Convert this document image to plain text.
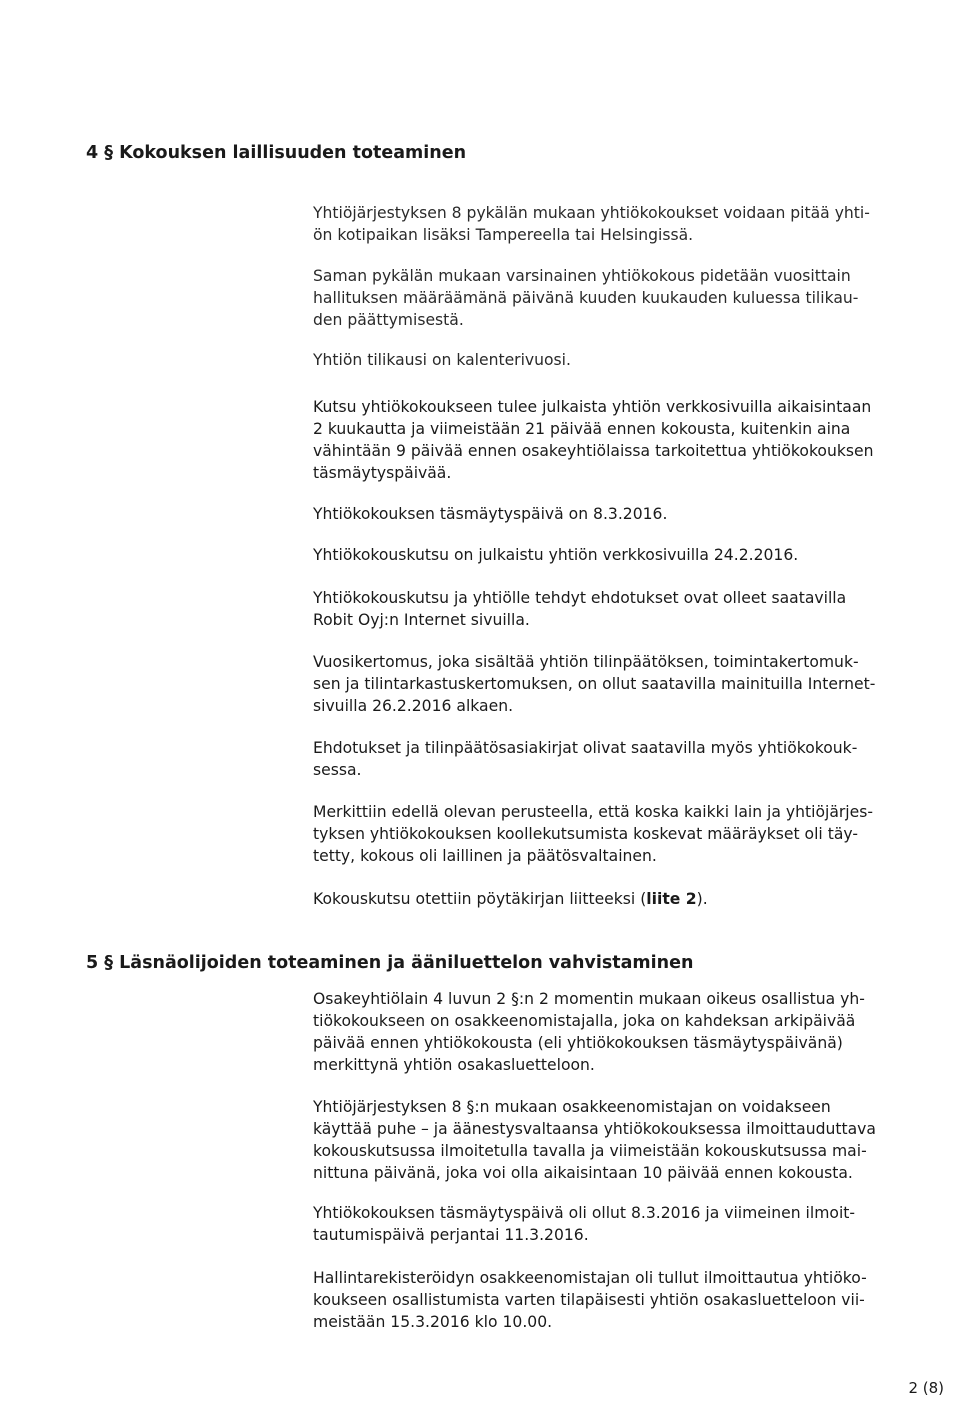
4 § Kokouksen laillisuuden toteaminen

Yhtiöjärjestyksen 8 pykälän mukaan yhtiökokoukset voidaan pitää yhti-
ön kotipaikan lisäksi Tampereella tai Helsingissä.

Saman pykälän mukaan varsinainen yhtiökokous pidetään vuosittain
hallituksen määräämänä päivänä kuuden kuukauden kuluessa tilikau-
den päättymisestä.

Yhtiön tilikausi on kalenterivuosi.

Kutsu yhtiökokoukseen tulee julkaista yhtiön verkkosivuilla aikaisintaan
2 kuukautta ja viimeistään 21 päivää ennen kokousta, kuitenkin aina
vähintään 9 päivää ennen osakeyhtiölaissa tarkoitettua yhtiökokouksen
täsmäytyspäivää.

Yhtiökokouksen täsmäytyspäivä on 8.3.2016.

Yhtiökokouskutsu on julkaistu yhtiön verkkosivuilla 24.2.2016.

Yhtiökokouskutsu ja yhtiölle tehdyt ehdotukset ovat olleet saatavilla
Robit Oyj:n Internet sivuilla.

Vuosikertomus, joka sisältää yhtiön tilinpäätöksen, toimintakertomuk-
sen ja tilintarkastuskertomuksen, on ollut saatavilla mainituilla Internet-
sivuilla 26.2.2016 alkaen.

Ehdotukset ja tilinpäätösasiakirjat olivat saatavilla myös yhtiökokouk-
sessa.

Merkittiin edellä olevan perusteella, että koska kaikki lain ja yhtiöjärjes-
tyksen yhtiökokouksen koollekutsumista koskevat määräykset oli täy-
tetty, kokous oli laillinen ja päätösvaltainen.

Kokouskutsu otettiin pöytäkirjan liitteeksi (liite 2).

5 § Läsnäolijoiden toteaminen ja ääniluettelon vahvistaminen

Osakeyhtiölain 4 luvun 2 §:n 2 momentin mukaan oikeus osallistua yh-
tiökokoukseen on osakkeenomistajalla, joka on kahdeksan arkipäivää
päivää ennen yhtiökokousta (eli yhtiökokouksen täsmäytyspäivänä)
merkittynä yhtiön osakasluetteloon.

Yhtiöjärjestyksen 8 §:n mukaan osakkeenomistajan on voidakseen
käyttää puhe – ja äänestysvaltaansa yhtiökokouksessa ilmoittauduttava
kokouskutsussa ilmoitetulla tavalla ja viimeistään kokouskutsussa mai-
nittuna päivänä, joka voi olla aikaisintaan 10 päivää ennen kokousta.

Yhtiökokouksen täsmäytyspäivä oli ollut 8.3.2016 ja viimeinen ilmoit-
tautumispäivä perjantai 11.3.2016.

Hallintarekisteröidyn osakkeenomistajan oli tullut ilmoittautua yhtiöko-
koukseen osallistumista varten tilapäisesti yhtiön osakasluetteloon vii-
meistään 15.3.2016 klo 10.00.

2 (8)
